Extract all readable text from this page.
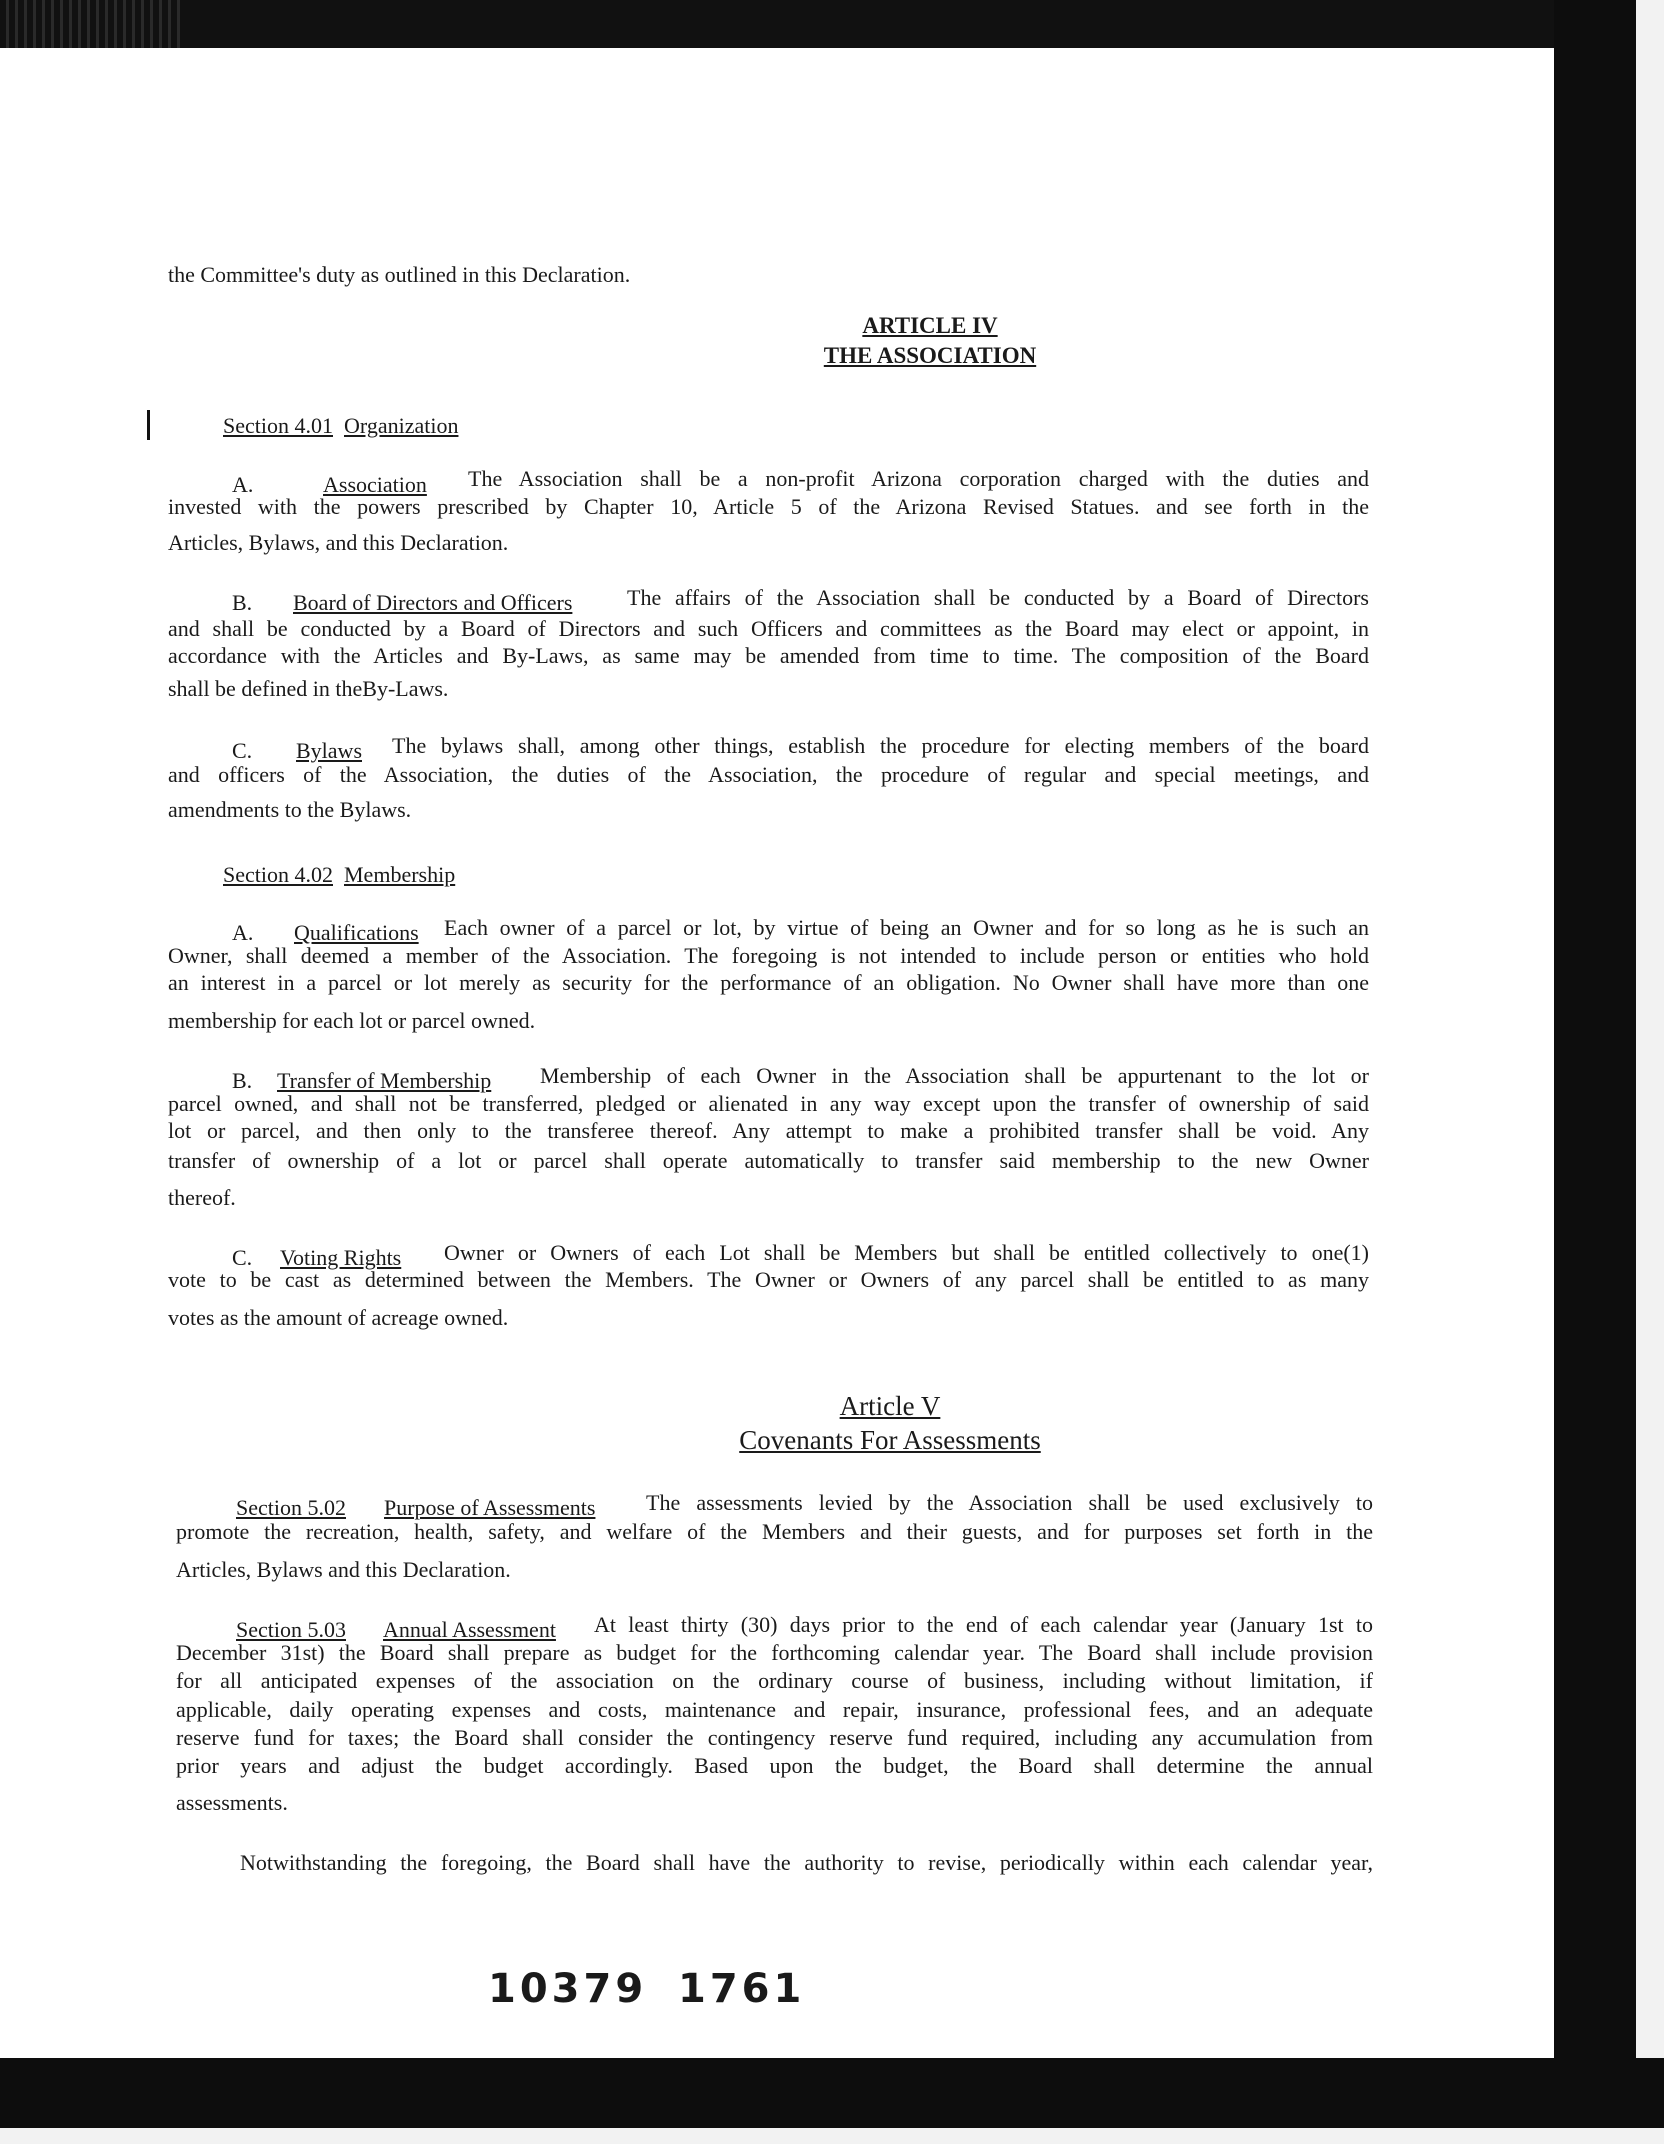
the Committee's duty as outlined in this Declaration.
ARTICLE IV
THE ASSOCIATION
Section 4.01 Organization
A.	Association The Association shall be a non-profit Arizona corporation charged with the duties and
invested with the powers prescribed by Chapter 10, Article 5 of the Arizona Revised Statues. and see forth in the
Articles, Bylaws, and this Declaration.
B. Board of Directors and Officers The affairs of the Association shall be conducted by a Board of Directors
and shall be conducted by a Board of Directors and such Officers and committees as the Board may elect or appoint, in
accordance with the Articles and By-Laws, as same may be amended from time to time. The composition of the Board
shall be defined in theBy-Laws.
C. Bylaws The bylaws shall, among other things, establish the procedure for electing members of the board
and officers of the Association, the duties of the Association, the procedure of regular and special meetings, and
amendments to the Bylaws.
Section 4.02 Membership
A. Qualifications Each owner of a parcel or lot, by virtue of being an Owner and for so long as he is such an
Owner, shall deemed a member of the Association. The foregoing is not intended to include person or entities who hold
an interest in a parcel or lot merely as security for the performance of an obligation. No Owner shall have more than one
membership for each lot or parcel owned.
B. Transfer of Membership Membership of each Owner in the Association shall be appurtenant to the lot or
parcel owned, and shall not be transferred, pledged or alienated in any way except upon the transfer of ownership of said
lot or parcel, and then only to the transferee thereof. Any attempt to make a prohibited transfer shall be void. Any
transfer of ownership of a lot or parcel shall operate automatically to transfer said membership to the new Owner
thereof.
C. Voting Rights Owner or Owners of each Lot shall be Members but shall be entitled collectively to one(1)
vote to be cast as determined between the Members. The Owner or Owners of any parcel shall be entitled to as many
votes as the amount of acreage owned.
Article V
Covenants For Assessments
Section 5.02 Purpose of Assessments The assessments levied by the Association shall be used exclusively to
promote the recreation, health, safety, and welfare of the Members and their guests, and for purposes set forth in the
Articles, Bylaws and this Declaration.
Section 5.03 Annual Assessment At least thirty (30) days prior to the end of each calendar year (January 1st to
December 31st) the Board shall prepare as budget for the forthcoming calendar year. The Board shall include provision
for all anticipated expenses of the association on the ordinary course of business, including without limitation, if
applicable, daily operating expenses and costs, maintenance and repair, insurance, professional fees, and an adequate
reserve fund for taxes; the Board shall consider the contingency reserve fund required, including any accumulation from
prior years and adjust the budget accordingly. Based upon the budget, the Board shall determine the annual
assessments.
Notwithstanding the foregoing, the Board shall have the authority to revise, periodically within each calendar year,
10379 1761
